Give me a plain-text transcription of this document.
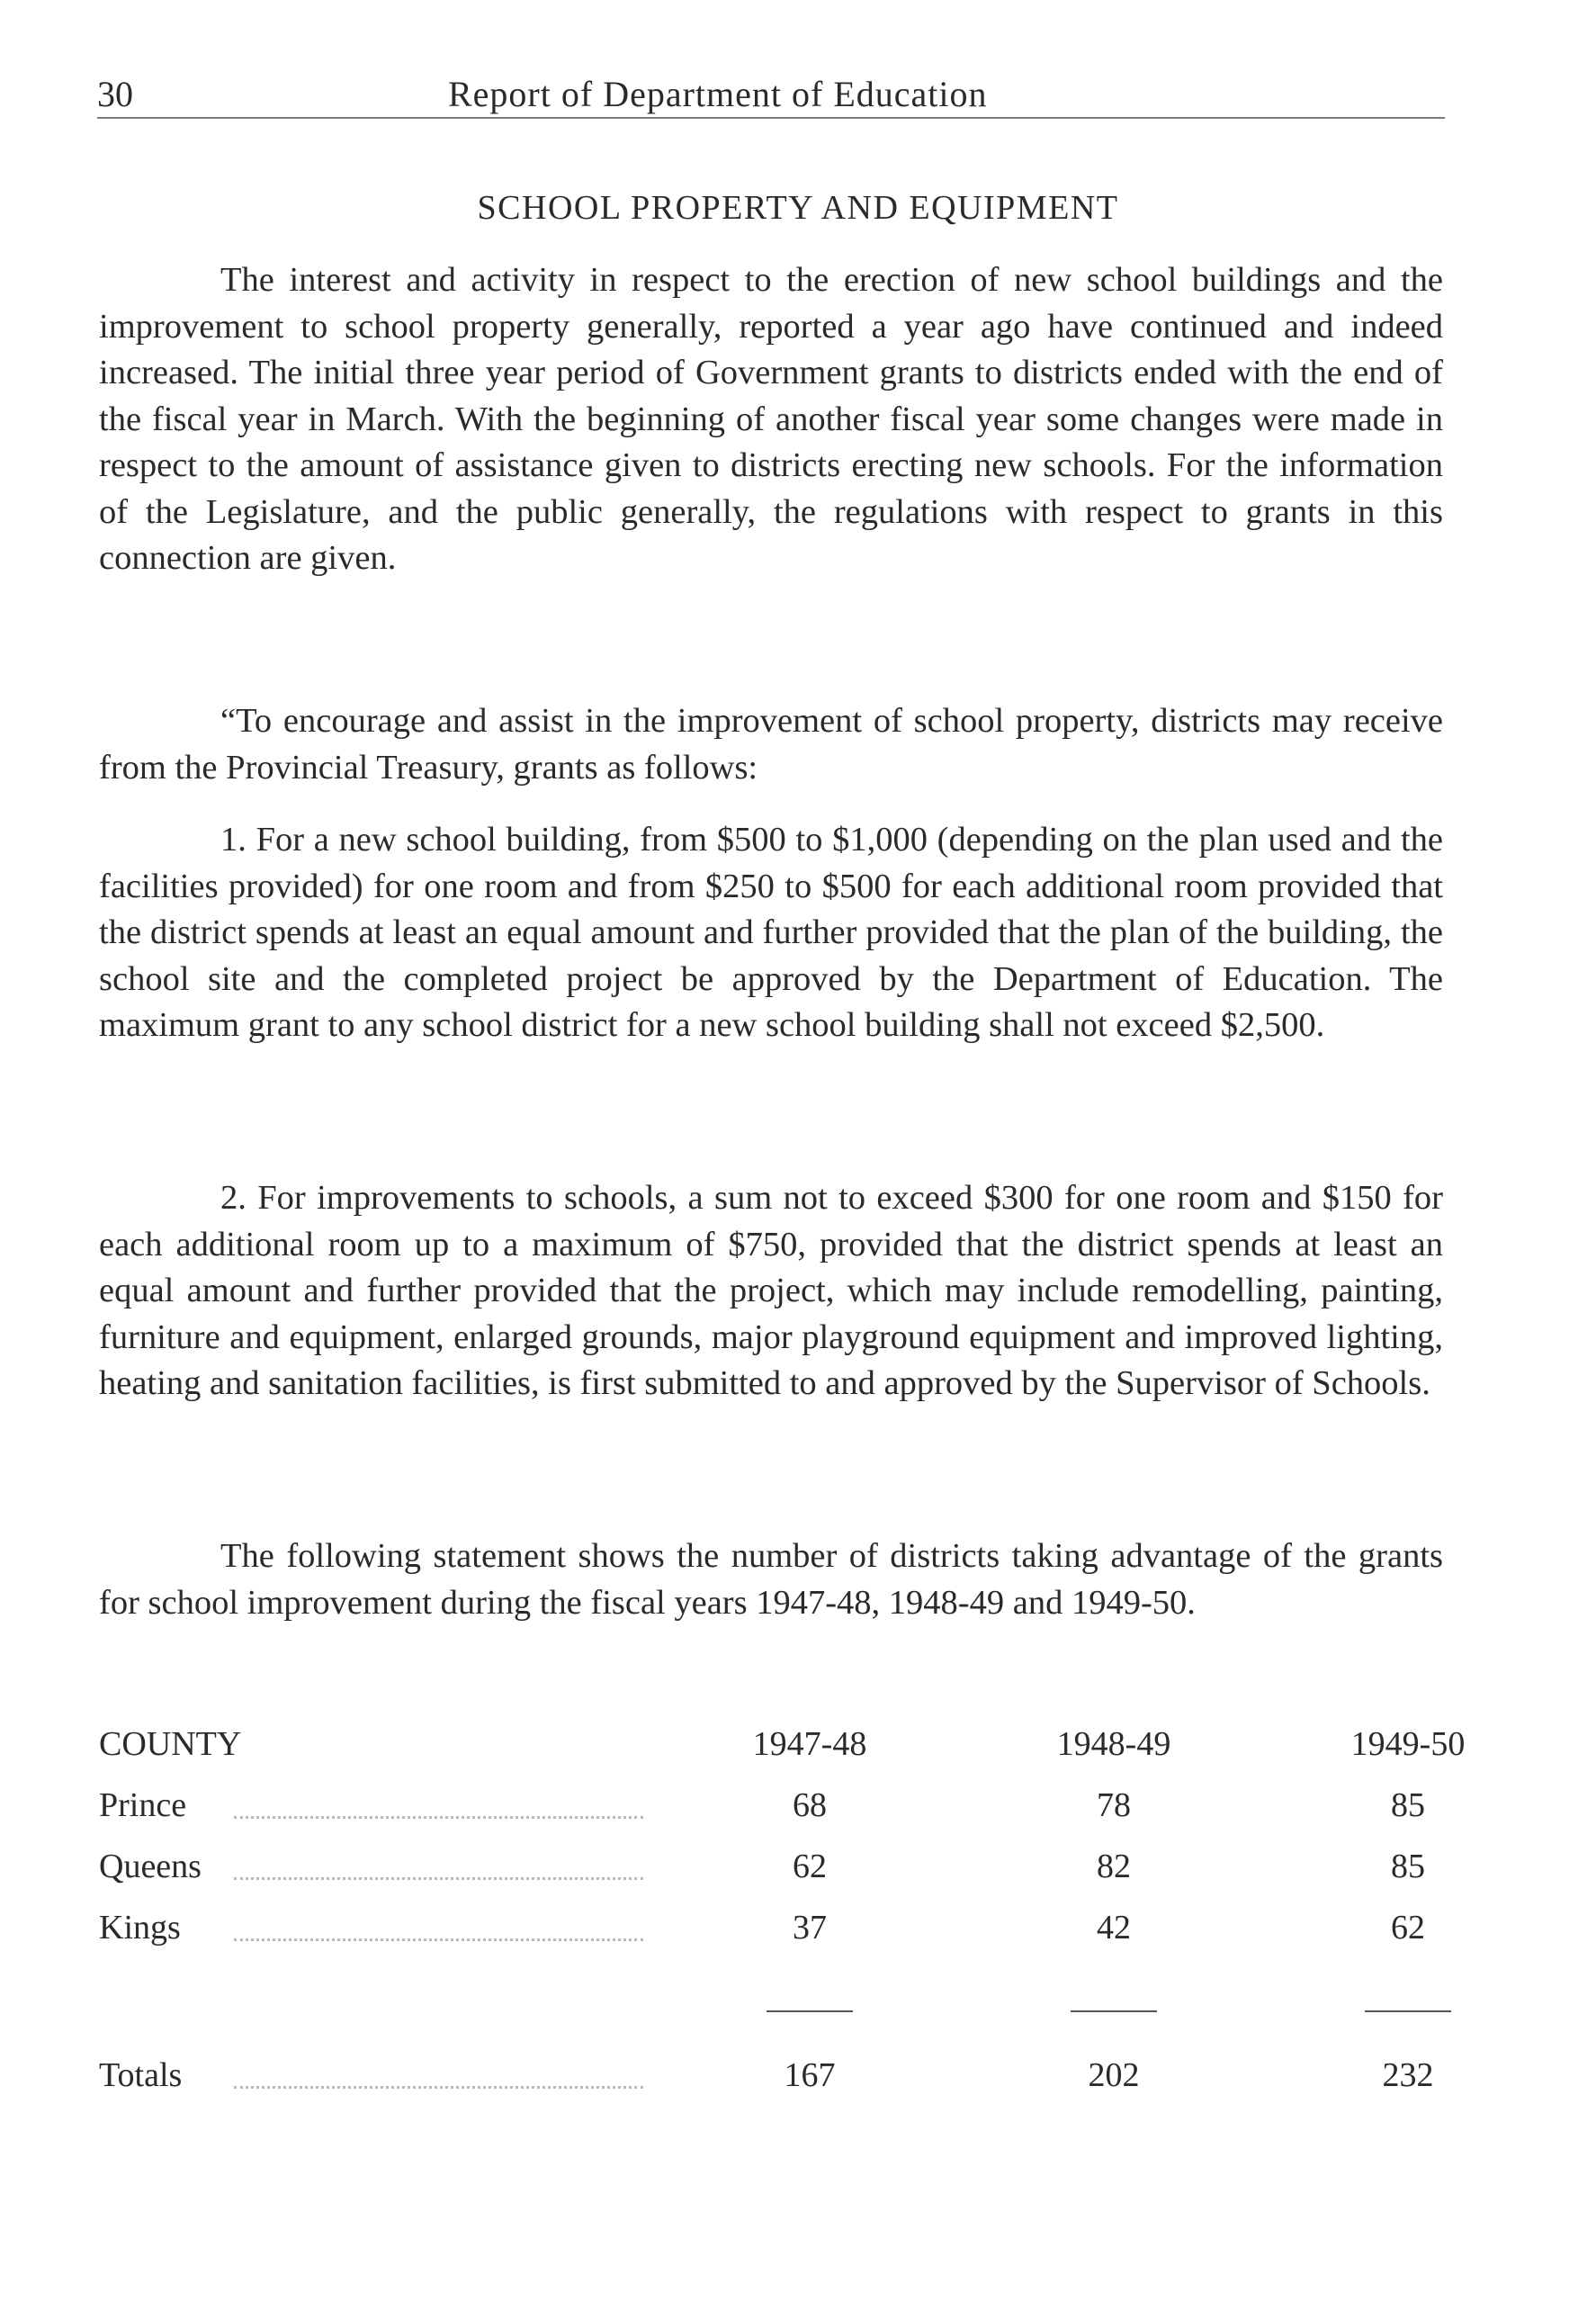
30	Report of Department of Education
SCHOOL PROPERTY AND EQUIPMENT

The interest and activity in respect to the erection of new school buildings and the improvement to school property generally, reported a year ago have continued and indeed increased. The initial three year period of Government grants to districts ended with the end of the fiscal year in March. With the beginning of another fiscal year some changes were made in respect to the amount of assistance given to districts erecting new schools. For the information of the Legislature, and the public generally, the regulations with respect to grants in this connection are given.

“To encourage and assist in the improvement of school property, districts may receive from the Provincial Treasury, grants as follows:

1. For a new school building, from $500 to $1,000 (depending on the plan used and the facilities provided) for one room and from $250 to $500 for each additional room provided that the district spends at least an equal amount and further provided that the plan of the building, the school site and the completed project be approved by the Department of Education. The maximum grant to any school district for a new school building shall not exceed $2,500.

2. For improvements to schools, a sum not to exceed $300 for one room and $150 for each additional room up to a maximum of $750, provided that the district spends at least an equal amount and further provided that the project, which may include remodelling, painting, furniture and equipment, enlarged grounds, major playground equipment and improved lighting, heating and sanitation facilities, is first submitted to and approved by the Supervisor of Schools.

The following statement shows the number of districts taking advantage of the grants for school improvement during the fiscal years 1947-48, 1948-49 and 1949-50.

COUNTY	1947-48	1948-49	1949-50
Prince	68	78	85
Queens	62	82	85
Kings	37	42	62
Totals	167	202	232
